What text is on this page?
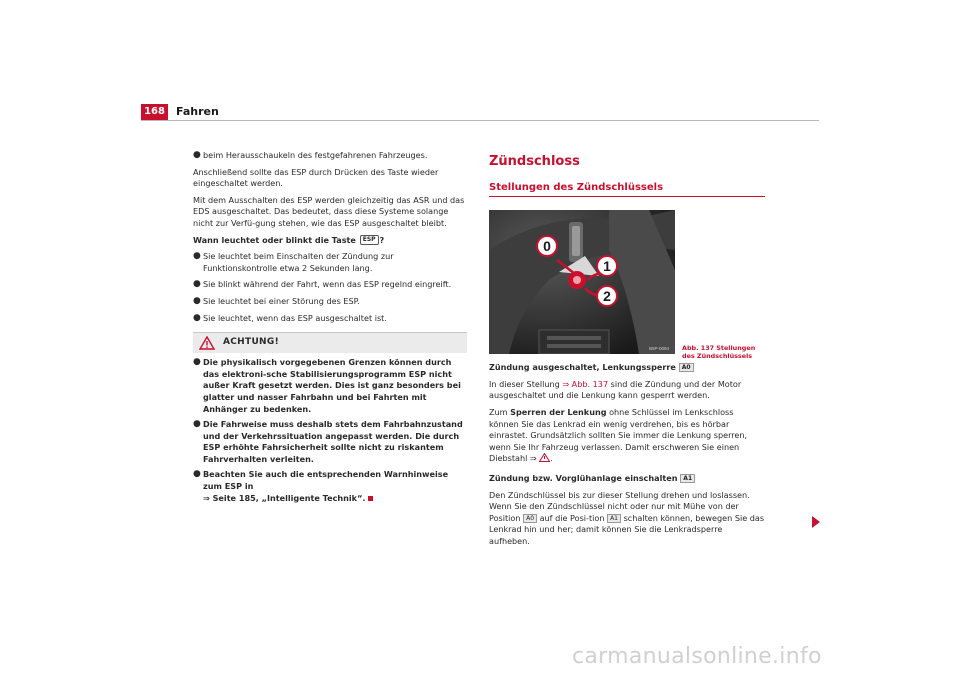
168 Fahren
● beim Herausschaukeln des festgefahrenen Fahrzeuges.

Anschließend sollte das ESP durch Drücken des Taste wieder eingeschaltet werden.

Mit dem Ausschalten des ESP werden gleichzeitig das ASR und das EDS ausgeschaltet. Das bedeutet, dass diese Systeme solange nicht zur Verfü-gung stehen, wie das ESP ausgeschaltet bleibt.

Wann leuchtet oder blinkt die Taste ESP ?

● Sie leuchtet beim Einschalten der Zündung zur Funktionskontrolle etwa 2 Sekunden lang.
● Sie blinkt während der Fahrt, wenn das ESP regelnd eingreift.
● Sie leuchtet bei einer Störung des ESP.
● Sie leuchtet, wenn das ESP ausgeschaltet ist.
ACHTUNG!
● Die physikalisch vorgegebenen Grenzen können durch das elektroni-sche Stabilisierungsprogramm ESP nicht außer Kraft gesetzt werden. Dies ist ganz besonders bei glatter und nasser Fahrbahn und bei Fahrten mit Anhänger zu bedenken.
● Die Fahrweise muss deshalb stets dem Fahrbahnzustand und der Verkehrssituation angepasst werden. Die durch ESP erhöhte Fahrsicherheit sollte nicht zu riskantem Fahrverhalten verleiten.
● Beachten Sie auch die entsprechenden Warnhinweise zum ESP in
⇒ Seite 185, „Intelligente Technik“.
Zündschloss
Stellungen des Zündschlüssels
0
1
2
B5P-0094

Zündung ausgeschaltet, Lenkungssperre A0

In dieser Stellung ⇒ Abb. 137 sind die Zündung und der Motor ausgeschaltet und die Lenkung kann gesperrt werden.

Zum Sperren der Lenkung ohne Schlüssel im Lenkschloss können Sie das Lenkrad ein wenig verdrehen, bis es hörbar einrastet. Grundsätzlich sollten Sie immer die Lenkung sperren, wenn Sie Ihr Fahrzeug verlassen. Damit erschweren Sie einen Diebstahl ⇒ .

Zündung bzw. Vorglühanlage einschalten A1

Den Zündschlüssel bis zur dieser Stellung drehen und loslassen. Wenn Sie den Zündschlüssel nicht oder nur mit Mühe von der Position A0 auf die Posi-tion A1 schalten können, bewegen Sie das Lenkrad hin und her; damit können Sie die Lenkradsperre aufheben.

Abb. 137 Stellungen des Zündschlüssels
carmanualsonline.info
